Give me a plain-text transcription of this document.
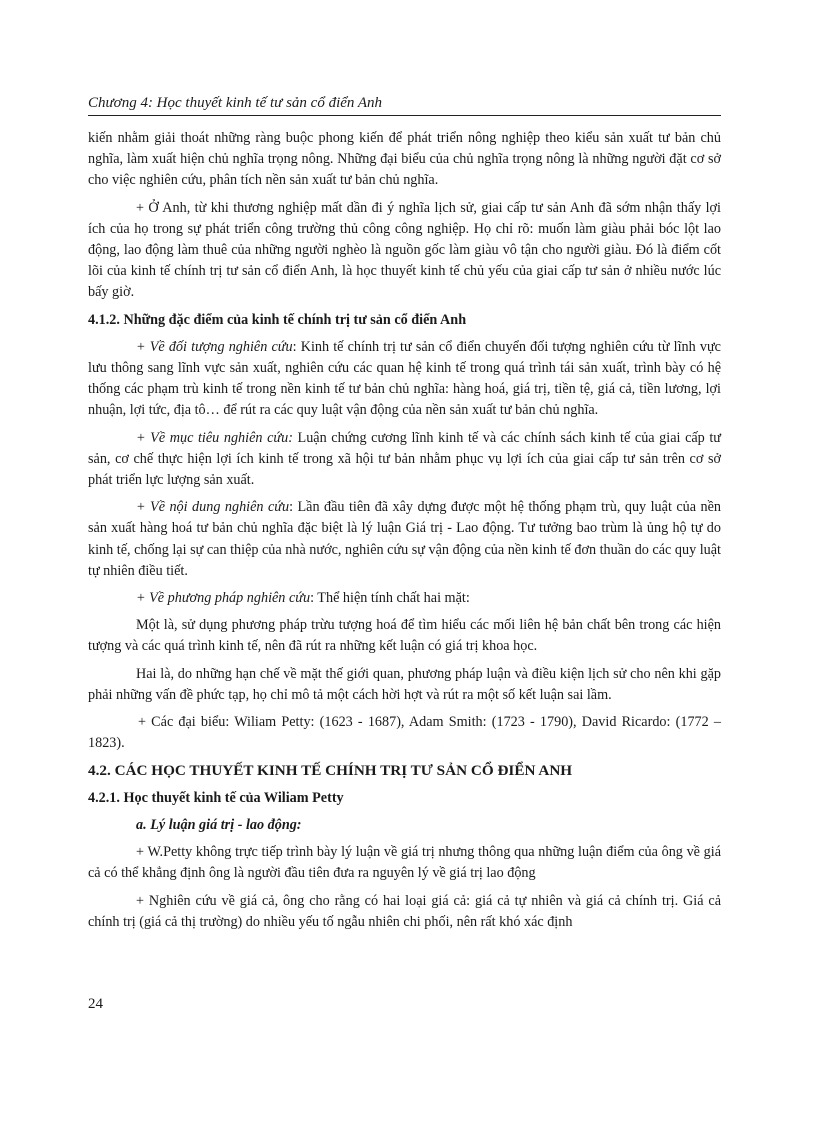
Chương 4: Học thuyết kinh tế tư sản cổ điển Anh

kiến nhằm giải thoát những ràng buộc phong kiến để phát triển nông nghiệp theo kiểu sản xuất tư bản chủ nghĩa, làm xuất hiện chủ nghĩa trọng nông. Những đại biểu của chủ nghĩa trọng nông là những người đặt cơ sở cho việc nghiên cứu, phân tích nền sản xuất tư bản chủ nghĩa.

+ Ở Anh, từ khi thương nghiệp mất dần đi ý nghĩa lịch sử, giai cấp tư sản Anh đã sớm nhận thấy lợi ích của họ trong sự phát triển công trường thủ công công nghiệp. Họ chỉ rõ: muốn làm giàu phải bóc lột lao động, lao động làm thuê của những người nghèo là nguồn gốc làm giàu vô tận cho người giàu. Đó là điểm cốt lõi của kinh tế chính trị tư sản cổ điển Anh, là học thuyết kinh tế chủ yếu của giai cấp tư sản ở nhiều nước lúc bấy giờ.

4.1.2. Những đặc điểm của kinh tế chính trị tư sản cổ điển Anh

+ Về đối tượng nghiên cứu: Kinh tế chính trị tư sản cổ điển chuyển đối tượng nghiên cứu từ lĩnh vực lưu thông sang lĩnh vực sản xuất, nghiên cứu các quan hệ kinh tế trong quá trình tái sản xuất, trình bày có hệ thống các phạm trù kinh tế trong nền kinh tế tư bản chủ nghĩa: hàng hoá, giá trị, tiền tệ, giá cả, tiền lương, lợi nhuận, lợi tức, địa tô… để rút ra các quy luật vận động của nền sản xuất tư bản chủ nghĩa.

+ Về mục tiêu nghiên cứu: Luận chứng cương lĩnh kinh tế và các chính sách kinh tế của giai cấp tư sản, cơ chế thực hiện lợi ích kinh tế trong xã hội tư bản nhằm phục vụ lợi ích của giai cấp tư sản trên cơ sở phát triển lực lượng sản xuất.

+ Về nội dung nghiên cứu: Lần đầu tiên đã xây dựng được một hệ thống phạm trù, quy luật của nền sản xuất hàng hoá tư bản chủ nghĩa đặc biệt là lý luận Giá trị - Lao động. Tư tưởng bao trùm là ủng hộ tự do kinh tế, chống lại sự can thiệp của nhà nước, nghiên cứu sự vận động của nền kinh tế đơn thuần do các quy luật tự nhiên điều tiết.

+ Về phương pháp nghiên cứu: Thể hiện tính chất hai mặt:

Một là, sử dụng phương pháp trừu tượng hoá để tìm hiểu các mối liên hệ bản chất bên trong các hiện tượng và các quá trình kinh tế, nên đã rút ra những kết luận có giá trị khoa học.

Hai là, do những hạn chế về mặt thế giới quan, phương pháp luận và điều kiện lịch sử cho nên khi gặp phải những vấn đề phức tạp, họ chỉ mô tả một cách hời hợt và rút ra một số kết luận sai lầm.

+ Các đại biểu: Wiliam Petty: (1623 - 1687), Adam Smith: (1723 - 1790), David Ricardo: (1772 – 1823).

4.2. CÁC HỌC THUYẾT KINH TẾ CHÍNH TRỊ TƯ SẢN CỔ ĐIỂN ANH

4.2.1. Học thuyết kinh tế của Wiliam Petty

a. Lý luận giá trị - lao động:

+ W.Petty không trực tiếp trình bày lý luận về giá trị nhưng thông qua những luận điểm của ông về giá cả có thể khẳng định ông là người đầu tiên đưa ra nguyên lý về giá trị lao động

+ Nghiên cứu về giá cả, ông cho rằng có hai loại giá cả: giá cả tự nhiên và giá cả chính trị. Giá cả chính trị (giá cả thị trường) do nhiều yếu tố ngẫu nhiên chi phối, nên rất khó xác định

24
